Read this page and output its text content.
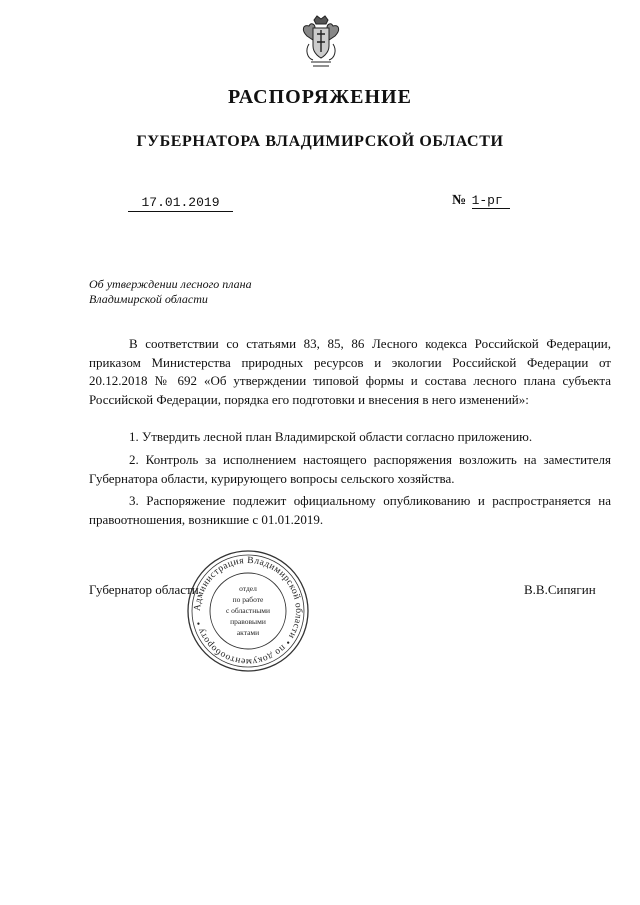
РАСПОРЯЖЕНИЕ
ГУБЕРНАТОРА ВЛАДИМИРСКОЙ ОБЛАСТИ
17.01.2019	№ 1-рг
Об утверждении лесного плана
Владимирской области
В соответствии со статьями 83, 85, 86 Лесного кодекса Российской Федерации, приказом Министерства природных ресурсов и экологии Российской Федерации от 20.12.2018 № 692 «Об утверждении типовой формы и состава лесного плана субъекта Российской Федерации, порядка его подготовки и внесения в него изменений»:
1. Утвердить лесной план Владимирской области согласно приложению.
2. Контроль за исполнением настоящего распоряжения возложить на заместителя Губернатора области, курирующего вопросы сельского хозяйства.
3. Распоряжение подлежит официальному опубликованию и распространяется на правоотношения, возникшие с 01.01.2019.
Губернатор области	В.В.Сипягин
Администрация Владимирской области • по документообороту •
отдел
по работе
с областными
правовыми
актами
